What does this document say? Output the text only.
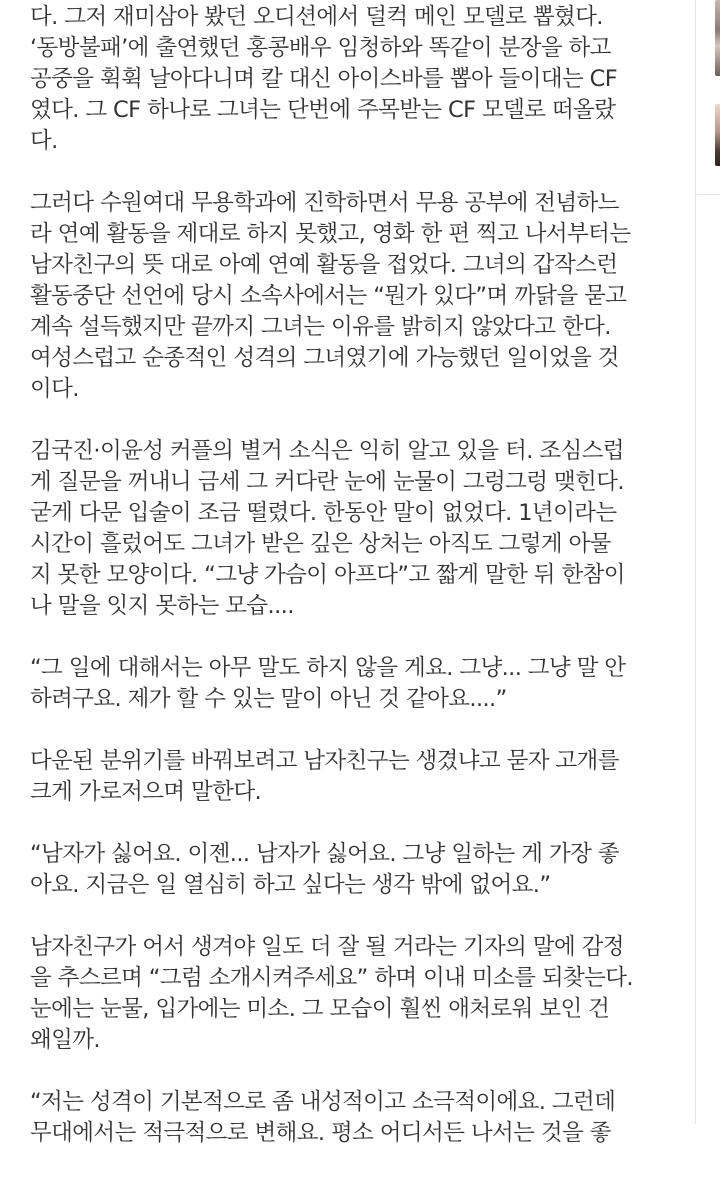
다. 그저 재미삼아 봤던 오디션에서 덜컥 메인 모델로 뽑혔다.
‘동방불패’에 출연했던 홍콩배우 임청하와 똑같이 분장을 하고
공중을 휙휙 날아다니며 칼 대신 아이스바를 뽑아 들이대는 CF
였다. 그 CF 하나로 그녀는 단번에 주목받는 CF 모델로 떠올랐
다.
그러다 수원여대 무용학과에 진학하면서 무용 공부에 전념하느
라 연예 활동을 제대로 하지 못했고, 영화 한 편 찍고 나서부터는
남자친구의 뜻 대로 아예 연예 활동을 접었다. 그녀의 갑작스런
활동중단 선언에 당시 소속사에서는 “뭔가 있다”며 까닭을 묻고
계속 설득했지만 끝까지 그녀는 이유를 밝히지 않았다고 한다.
여성스럽고 순종적인 성격의 그녀였기에 가능했던 일이었을 것
이다.
김국진·이윤성 커플의 별거 소식은 익히 알고 있을 터. 조심스럽
게 질문을 꺼내니 금세 그 커다란 눈에 눈물이 그렁그렁 맺힌다.
굳게 다문 입술이 조금 떨렸다. 한동안 말이 없었다. 1년이라는
시간이 흘렀어도 그녀가 받은 깊은 상처는 아직도 그렇게 아물
지 못한 모양이다. “그냥 가슴이 아프다”고 짧게 말한 뒤 한참이
나 말을 잇지 못하는 모습....
“그 일에 대해서는 아무 말도 하지 않을 게요. 그냥... 그냥 말 안
하려구요. 제가 할 수 있는 말이 아닌 것 같아요....”
다운된 분위기를 바꿔보려고 남자친구는 생겼냐고 묻자 고개를
크게 가로저으며 말한다.
“남자가 싫어요. 이젠... 남자가 싫어요. 그냥 일하는 게 가장 좋
아요. 지금은 일 열심히 하고 싶다는 생각 밖에 없어요.”
남자친구가 어서 생겨야 일도 더 잘 될 거라는 기자의 말에 감정
을 추스르며 “그럼 소개시켜주세요” 하며 이내 미소를 되찾는다.
눈에는 눈물, 입가에는 미소. 그 모습이 훨씬 애처로워 보인 건
왜일까.
“저는 성격이 기본적으로 좀 내성적이고 소극적이에요. 그런데
무대에서는 적극적으로 변해요. 평소 어디서든 나서는 것을 좋
